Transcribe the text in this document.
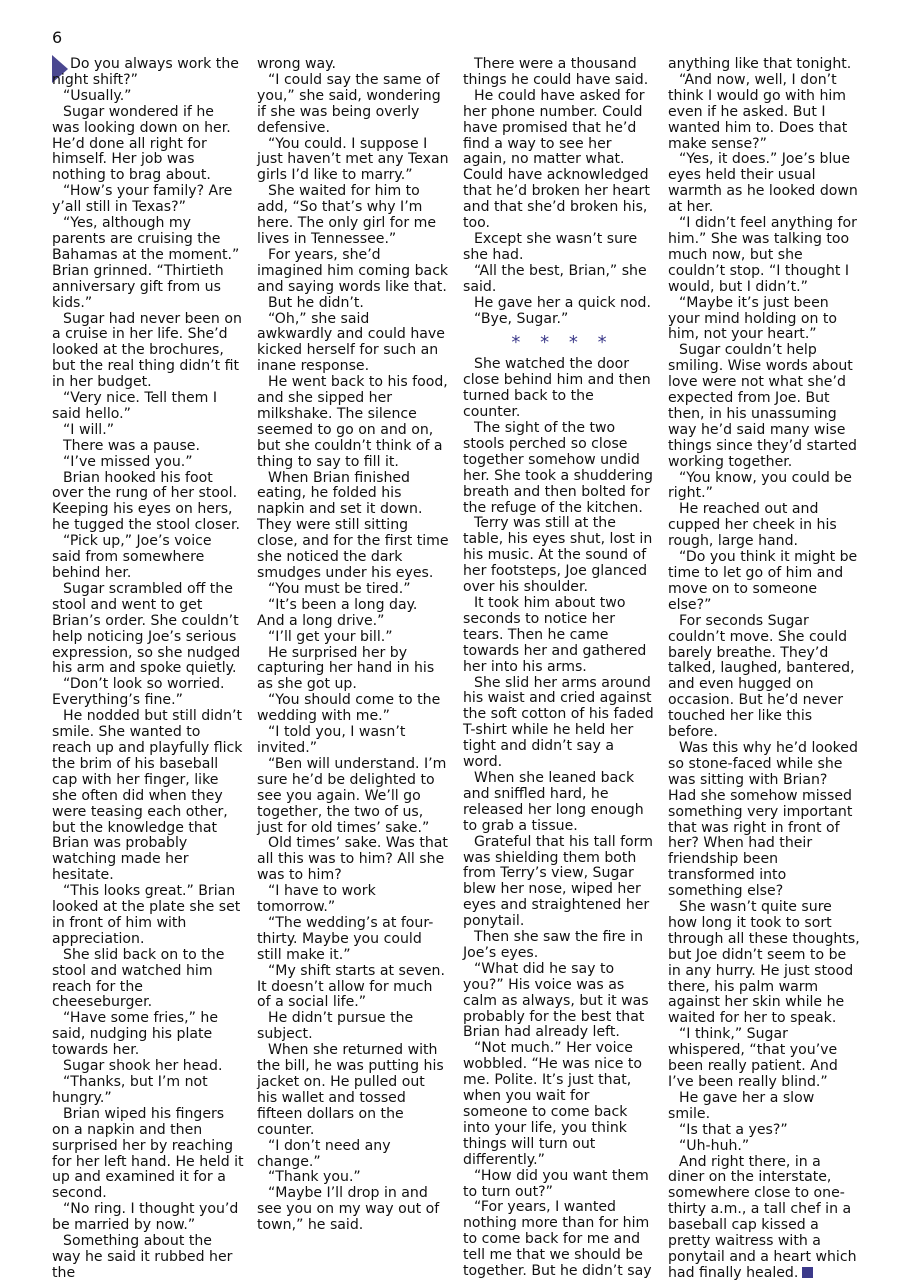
6

Do you always work the night shift?”

“Usually.”

Sugar wondered if he was looking down on her. He’d done all right for himself. Her job was nothing to brag about.

“How’s your family? Are y’all still in Texas?”

“Yes, although my parents are cruising the Bahamas at the moment.” Brian grinned. “Thirtieth anniversary gift from us kids.”

Sugar had never been on a cruise in her life. She’d looked at the brochures, but the real thing didn’t fit in her budget.

“Very nice. Tell them I said hello.”

“I will.”

There was a pause.

“I’ve missed you.”

Brian hooked his foot over the rung of her stool. Keeping his eyes on hers, he tugged the stool closer.

“Pick up,” Joe’s voice said from somewhere behind her.

Sugar scrambled off the stool and went to get Brian’s order. She couldn’t help noticing Joe’s serious expression, so she nudged his arm and spoke quietly.

“Don’t look so worried. Everything’s fine.”

He nodded but still didn’t smile. She wanted to reach up and playfully flick the brim of his baseball cap with her finger, like she often did when they were teasing each other, but the knowledge that Brian was probably watching made her hesitate.

“This looks great.” Brian looked at the plate she set in front of him with appreciation.

She slid back on to the stool and watched him reach for the cheeseburger.

“Have some fries,” he said, nudging his plate towards her.

Sugar shook her head.

“Thanks, but I’m not hungry.”

Brian wiped his fingers on a napkin and then surprised her by reaching for her left hand. He held it up and examined it for a second.

“No ring. I thought you’d be married by now.”

Something about the way he said it rubbed her the

wrong way.

“I could say the same of you,” she said, wondering if she was being overly defensive.

“You could. I suppose I just haven’t met any Texan girls I’d like to marry.”

She waited for him to add, “So that’s why I’m here. The only girl for me lives in Tennessee.”

For years, she’d imagined him coming back and saying words like that.

But he didn’t.

“Oh,” she said awkwardly and could have kicked herself for such an inane response.

He went back to his food, and she sipped her milkshake. The silence seemed to go on and on, but she couldn’t think of a thing to say to fill it.

When Brian finished eating, he folded his napkin and set it down. They were still sitting close, and for the first time she noticed the dark smudges under his eyes.

“You must be tired.”

“It’s been a long day. And a long drive.”

“I’ll get your bill.”

He surprised her by capturing her hand in his as she got up.

“You should come to the wedding with me.”

“I told you, I wasn’t invited.”

“Ben will understand. I’m sure he’d be delighted to see you again. We’ll go together, the two of us, just for old times’ sake.”

Old times’ sake. Was that all this was to him? All she was to him?

“I have to work tomorrow.”

“The wedding’s at four-thirty. Maybe you could still make it.”

“My shift starts at seven. It doesn’t allow for much of a social life.”

He didn’t pursue the subject.

When she returned with the bill, he was putting his jacket on. He pulled out his wallet and tossed fifteen dollars on the counter.

“I don’t need any change.”

“Thank you.”

“Maybe I’ll drop in and see you on my way out of town,” he said.

There were a thousand things he could have said.

He could have asked for her phone number. Could have promised that he’d find a way to see her again, no matter what. Could have acknowledged that he’d broken her heart and that she’d broken his, too.

Except she wasn’t sure she had.

“All the best, Brian,” she said.

He gave her a quick nod.

“Bye, Sugar.”

* * * *

She watched the door close behind him and then turned back to the counter.

The sight of the two stools perched so close together somehow undid her. She took a shuddering breath and then bolted for the refuge of the kitchen.

Terry was still at the table, his eyes shut, lost in his music. At the sound of her footsteps, Joe glanced over his shoulder.

It took him about two seconds to notice her tears. Then he came towards her and gathered her into his arms.

She slid her arms around his waist and cried against the soft cotton of his faded T-shirt while he held her tight and didn’t say a word.

When she leaned back and sniffled hard, he released her long enough to grab a tissue.

Grateful that his tall form was shielding them both from Terry’s view, Sugar blew her nose, wiped her eyes and straightened her ponytail.

Then she saw the fire in Joe’s eyes.

“What did he say to you?” His voice was as calm as always, but it was probably for the best that Brian had already left.

“Not much.” Her voice wobbled. “He was nice to me. Polite. It’s just that, when you wait for someone to come back into your life, you think things will turn out differently.”

“How did you want them to turn out?”

“For years, I wanted nothing more than for him to come back for me and tell me that we should be together. But he didn’t say

anything like that tonight.

“And now, well, I don’t think I would go with him even if he asked. But I wanted him to. Does that make sense?”

“Yes, it does.” Joe’s blue eyes held their usual warmth as he looked down at her.

“I didn’t feel anything for him.” She was talking too much now, but she couldn’t stop. “I thought I would, but I didn’t.”

“Maybe it’s just been your mind holding on to him, not your heart.”

Sugar couldn’t help smiling. Wise words about love were not what she’d expected from Joe. But then, in his unassuming way he’d said many wise things since they’d started working together.

“You know, you could be right.”

He reached out and cupped her cheek in his rough, large hand.

“Do you think it might be time to let go of him and move on to someone else?”

For seconds Sugar couldn’t move. She could barely breathe. They’d talked, laughed, bantered, and even hugged on occasion. But he’d never touched her like this before.

Was this why he’d looked so stone-faced while she was sitting with Brian? Had she somehow missed something very important that was right in front of her? When had their friendship been transformed into something else?

She wasn’t quite sure how long it took to sort through all these thoughts, but Joe didn’t seem to be in any hurry. He just stood there, his palm warm against her skin while he waited for her to speak.

“I think,” Sugar whispered, “that you’ve been really patient. And I’ve been really blind.”

He gave her a slow smile.

“Is that a yes?”

“Uh-huh.”

And right there, in a diner on the interstate, somewhere close to one-thirty a.m., a tall chef in a baseball cap kissed a pretty waitress with a ponytail and a heart which had finally healed.
